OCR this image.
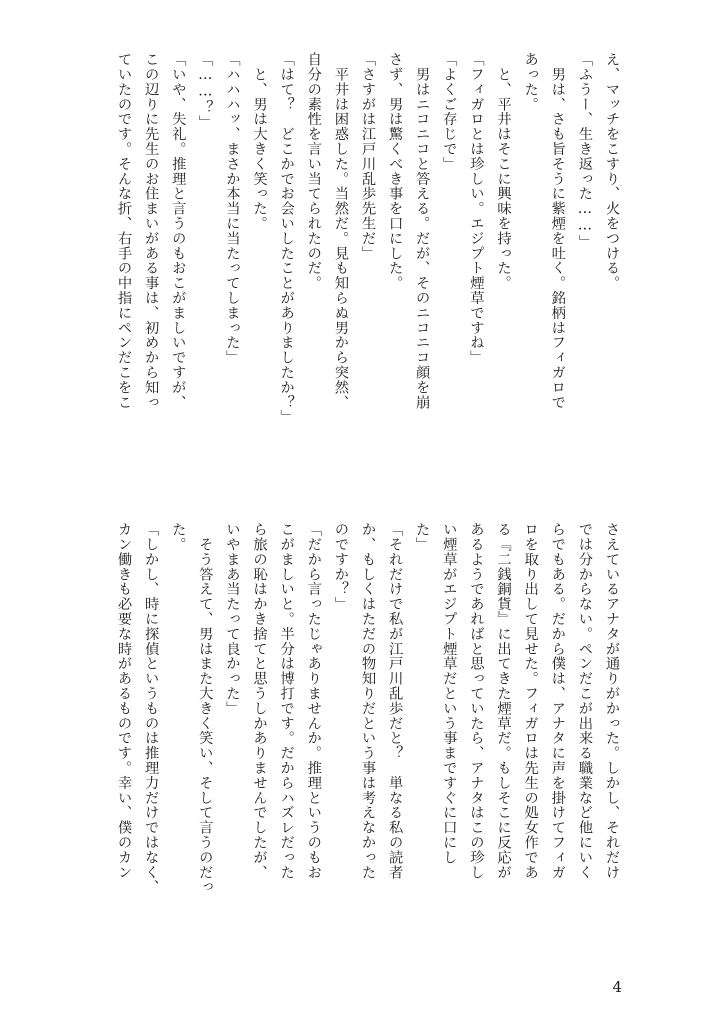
え、マッチをこすり、火をつける。
「ふうー、生き返った……」
　男は、さも旨そうに紫煙を吐く。銘柄はフィガロで
あった。
　と、平井はそこに興味を持った。
「フィガロとは珍しい。エジプト煙草ですね」
「よくご存じで」
　男はニコニコと答える。だが、そのニコニコ顔を崩
さず、男は驚くべき事を口にした。
「さすがは江戸川乱歩先生だ」
　平井は困惑した。当然だ。見も知らぬ男から突然、
自分の素性を言い当てられたのだ。
「はて？　どこかでお会いしたことがありましたか？」
　と、男は大きく笑った。
「ハハハッ、まさか本当に当たってしまった」
「……？」
「いや、失礼。推理と言うのもおこがましいですが、
この辺りに先生のお住まいがある事は、初めから知っ
ていたのです。そんな折、右手の中指にペンだこをこ
さえているアナタが通りがかった。しかし、それだけ
では分からない。ペンだこが出来る職業など他にいく
らでもある。だから僕は、アナタに声を掛けてフィガ
ロを取り出して見せた。フィガロは先生の処女作であ
る『二銭銅貨』に出てきた煙草だ。もしそこに反応が
あるようであればと思っていたら、アナタはこの珍し
い煙草がエジプト煙草だという事まですぐに口にし
た」
「それだけで私が江戸川乱歩だと？　単なる私の読者
か、もしくはただの物知りだという事は考えなかった
のですか？」
「だから言ったじゃありませんか。推理というのもお
こがましいと。半分は博打です。だからハズレだった
ら旅の恥はかき捨てと思うしかありませんでしたが、
いやまあ当たって良かった」
　そう答えて、男はまた大きく笑い、そして言うのだっ
た。
「しかし、時に探偵というものは推理力だけではなく、
カン働きも必要な時があるものです。幸い、僕のカン
4
